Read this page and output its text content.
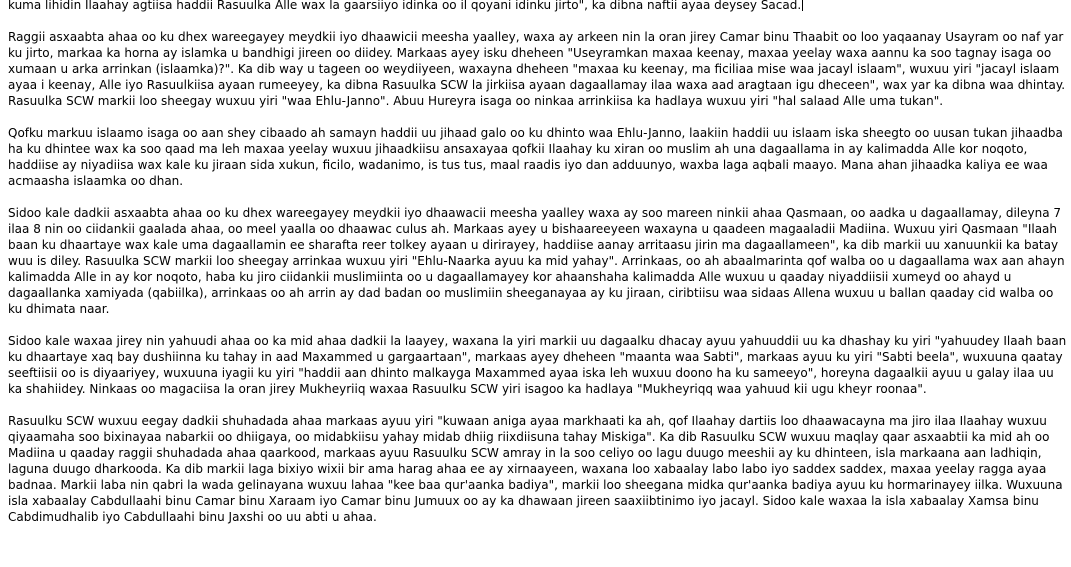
kuma lihidin Ilaahay agtiisa haddii Rasuulka Alle wax la gaarsiiyo idinka oo il qoyani idinku jirto", ka dibna naftii ayaa deysey Sacad.

Raggii asxaabta ahaa oo ku dhex wareegayey meydkii iyo dhaawicii meesha yaalley, waxa ay arkeen nin la oran jirey Camar binu Thaabit oo loo yaqaanay Usayram oo naf yar ku jirto, markaa ka horna ay islamka u bandhigi jireen oo diidey. Markaas ayey isku dheheen "Useyramkan maxaa keenay, maxaa yeelay waxa aannu ka soo tagnay isaga oo xumaan u arka arrinkan (islaamka)?". Ka dib way u tageen oo weydiiyeen, waxayna dheheen "maxaa ku keenay, ma ficiliaa mise waa jacayl islaam", wuxuu yiri "jacayl islaam ayaa i keenay, Alle iyo Rasuulkiisa ayaan rumeeyey, ka dibna Rasuulka SCW la jirkiisa ayaan dagaallamay ilaa waxa aad aragtaan igu dheceen", wax yar ka dibna waa dhintay. Rasuulka SCW markii loo sheegay wuxuu yiri "waa Ehlu-Janno". Abuu Hureyra isaga oo ninkaa arrinkiisa ka hadlaya wuxuu yiri "hal salaad Alle uma tukan".

Qofku markuu islaamo isaga oo aan shey cibaado ah samayn haddii uu jihaad galo oo ku dhinto waa Ehlu-Janno, laakiin haddii uu islaam iska sheegto oo uusan tukan jihaadba ha ku dhintee wax ka soo qaad ma leh maxaa yeelay wuxuu jihaadkiisu ansaxayaa qofkii Ilaahay ku xiran oo muslim ah una dagaallama in ay kalimadda Alle kor noqoto, haddiise ay niyadiisa wax kale ku jiraan sida xukun, ficilo, wadanimo, is tus tus, maal raadis iyo dan adduunyo, waxba laga aqbali maayo. Mana ahan jihaadka kaliya ee waa acmaasha islaamka oo dhan.

Sidoo kale dadkii asxaabta ahaa oo ku dhex wareegayey meydkii iyo dhaawacii meesha yaalley waxa ay soo mareen ninkii ahaa Qasmaan, oo aadka u dagaallamay, dileyna 7 ilaa 8 nin oo ciidankii gaalada ahaa, oo meel yaalla oo dhaawac culus ah. Markaas ayey u bishaareeyeen waxayna u qaadeen magaaladii Madiina. Wuxuu yiri Qasmaan "Ilaah baan ku dhaartaye wax kale uma dagaallamin ee sharafta reer tolkey ayaan u dirirayey, haddiise aanay arritaasu jirin ma dagaallameen", ka dib markii uu xanuunkii ka batay wuu is diley. Rasuulka SCW markii loo sheegay arrinkaa wuxuu yiri "Ehlu-Naarka ayuu ka mid yahay". Arrinkaas, oo ah abaalmarinta qof walba oo u dagaallama wax aan ahayn kalimadda Alle in ay kor noqoto, haba ku jiro ciidankii muslimiinta oo u dagaallamayey kor ahaanshaha kalimadda Alle wuxuu u qaaday niyaddiisii xumeyd oo ahayd u dagaallanka xamiyada (qabiilka), arrinkaas oo ah arrin ay dad badan oo muslimiin sheeganayaa ay ku jiraan, ciribtiisu waa sidaas Allena wuxuu u ballan qaaday cid walba oo ku dhimata naar.

Sidoo kale waxaa jirey nin yahuudi ahaa oo ka mid ahaa dadkii la laayey, waxana la yiri markii uu dagaalku dhacay ayuu yahuuddii uu ka dhashay ku yiri "yahuudey Ilaah baan ku dhaartaye xaq bay dushiinna ku tahay in aad Maxammed u gargaartaan", markaas ayey dheheen "maanta waa Sabti", markaas ayuu ku yiri "Sabti beela", wuxuuna qaatay seeftiisii oo is diyaariyey, wuxuuna iyagii ku yiri "haddii aan dhinto malkayga Maxammed ayaa iska leh wuxuu doono ha ku sameeyo", horeyna dagaalkii ayuu u galay ilaa uu ka shahiidey. Ninkaas oo magaciisa la oran jirey Mukheyriiq waxaa Rasuulku SCW yiri isagoo ka hadlaya "Mukheyriqq waa yahuud kii ugu kheyr roonaa".

Rasuulku SCW wuxuu eegay dadkii shuhadada ahaa markaas ayuu yiri "kuwaan aniga ayaa markhaati ka ah, qof Ilaahay dartiis loo dhaawacayna ma jiro ilaa Ilaahay wuxuu qiyaamaha soo bixinayaa nabarkii oo dhiigaya, oo midabkiisu yahay midab dhiig riixdiisuna tahay Miskiga". Ka dib Rasuulku SCW wuxuu maqlay qaar asxaabtii ka mid ah oo Madiina u qaaday raggii shuhadada ahaa qaarkood, markaas ayuu Rasuulku SCW amray in la soo celiyo oo lagu duugo meeshii ay ku dhinteen, isla markaana aan ladhiqin, laguna duugo dharkooda. Ka dib markii laga bixiyo wixii bir ama harag ahaa ee ay xirnaayeen, waxana loo xabaalay labo labo iyo saddex saddex, maxaa yeelay ragga ayaa badnaa. Markii laba nin qabri la wada gelinayana wuxuu lahaa "kee baa qur'aanka badiya", markii loo sheegana midka qur'aanka badiya ayuu ku hormarinayey iilka. Wuxuuna isla xabaalay Cabdullaahi binu Camar binu Xaraam iyo Camar binu Jumuux oo ay ka dhawaan jireen saaxiibtinimo iyo jacayl. Sidoo kale waxaa la isla xabaalay Xamsa binu Cabdimudhalib iyo Cabdullaahi binu Jaxshi oo uu abti u ahaa.
